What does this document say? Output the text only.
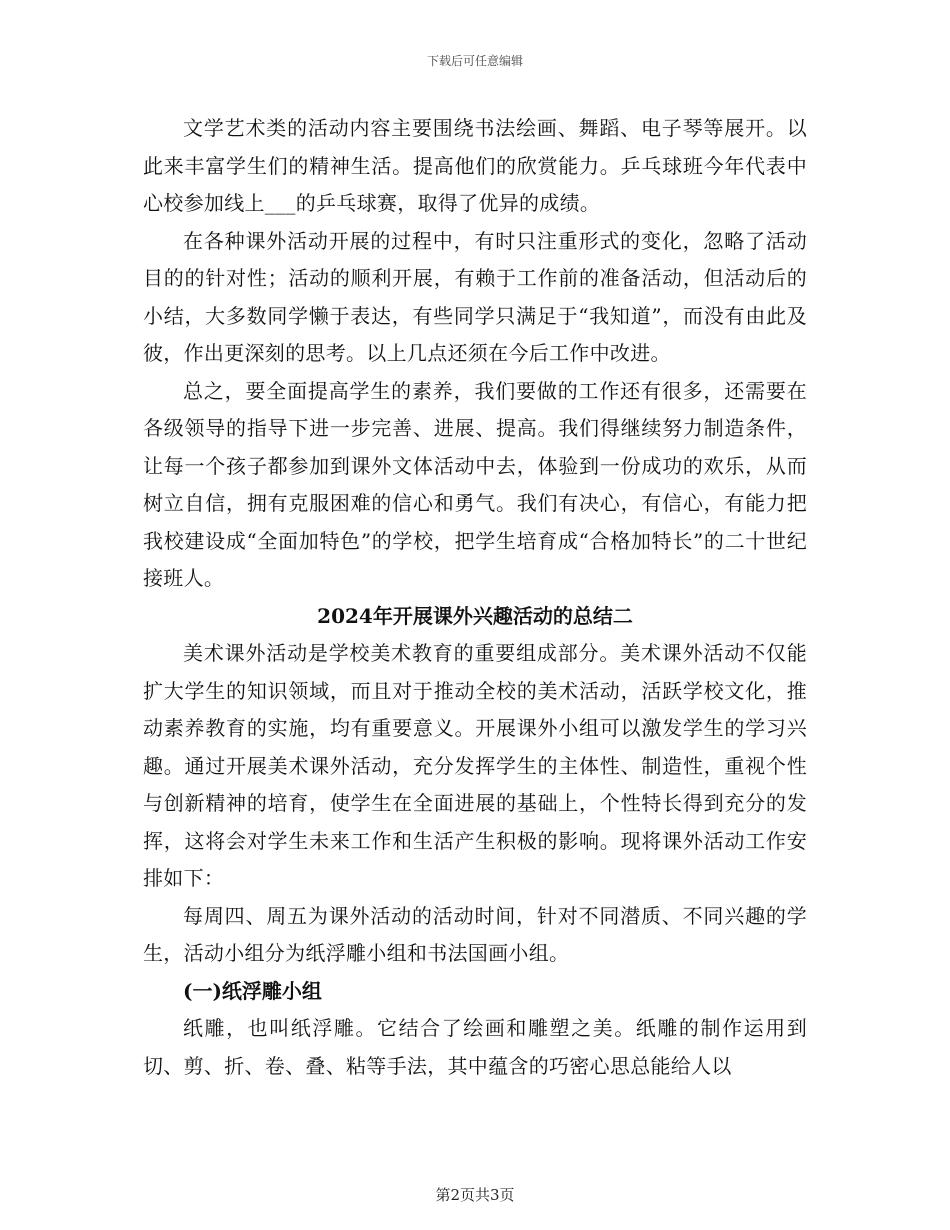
下载后可任意编辑

文学艺术类的活动内容主要围绕书法绘画、舞蹈、电子琴等展开。以此来丰富学生们的精神生活。提高他们的欣赏能力。乒乓球班今年代表中心校参加线上___的乒乓球赛，取得了优异的成绩。

在各种课外活动开展的过程中，有时只注重形式的变化，忽略了活动目的的针对性；活动的顺利开展，有赖于工作前的准备活动，但活动后的小结，大多数同学懒于表达，有些同学只满足于“我知道”，而没有由此及彼，作出更深刻的思考。以上几点还须在今后工作中改进。

总之，要全面提高学生的素养，我们要做的工作还有很多，还需要在各级领导的指导下进一步完善、进展、提高。我们得继续努力制造条件，让每一个孩子都参加到课外文体活动中去，体验到一份成功的欢乐，从而树立自信，拥有克服困难的信心和勇气。我们有决心，有信心，有能力把我校建设成“全面加特色”的学校，把学生培育成“合格加特长”的二十世纪接班人。

2024年开展课外兴趣活动的总结二

美术课外活动是学校美术教育的重要组成部分。美术课外活动不仅能扩大学生的知识领域，而且对于推动全校的美术活动，活跃学校文化，推动素养教育的实施，均有重要意义。开展课外小组可以激发学生的学习兴趣。通过开展美术课外活动，充分发挥学生的主体性、制造性，重视个性与创新精神的培育，使学生在全面进展的基础上，个性特长得到充分的发挥，这将会对学生未来工作和生活产生积极的影响。现将课外活动工作安排如下：

每周四、周五为课外活动的活动时间，针对不同潜质、不同兴趣的学生，活动小组分为纸浮雕小组和书法国画小组。

(一)纸浮雕小组

纸雕，也叫纸浮雕。它结合了绘画和雕塑之美。纸雕的制作运用到切、剪、折、卷、叠、粘等手法，其中蕴含的巧密心思总能给人以

第2页共3页
